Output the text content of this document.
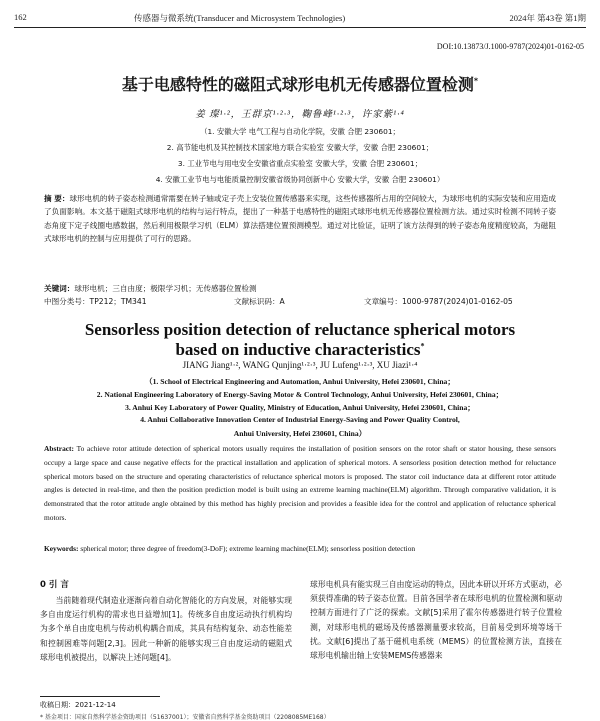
162	传感器与微系统(Transducer and Microsystem Technologies)	2024年 第43卷 第1期
DOI:10.13873/J.1000-9787(2024)01-0162-05
基于电感特性的磁阻式球形电机无传感器位置检测*
姜 璨¹·²，王群京¹·²·³，鞠鲁峰¹·²·³，许家紫¹·⁴
（1. 安徽大学 电气工程与自动化学院，安徽 合肥 230601；
2. 高节能电机及其控制技术国家地方联合实验室 安徽大学，安徽 合肥 230601；
3. 工业节电与用电安全安徽省重点实验室 安徽大学，安徽 合肥 230601；
4. 安徽工业节电与电能质量控制安徽省级协同创新中心 安徽大学，安徽 合肥 230601）
摘 要：球形电机的转子姿态检测通常需要在转子轴或定子壳上安装位置传感器来实现，这些传感器所占用的空间较大，为球形电机的实际安装和应用造成了负面影响。本文基于磁阻式球形电机的结构与运行特点，提出了一种基于电感特性的磁阻式球形电机无传感器位置检测方法。通过实时检测不同转子姿态角度下定子线圈电感数据，然后利用极限学习机（ELM）算法搭建位置预测模型。通过对比验证，证明了该方法得到的转子姿态角度精度较高，为磁阻式球形电机的控制与应用提供了可行的思路。
关键词：球形电机；三自由度；极限学习机；无传感器位置检测
中图分类号：TP212；TM341	文献标识码：A	文章编号：1000-9787(2024)01-0162-05
Sensorless position detection of reluctance spherical motors
based on inductive characteristics*
JIANG Jiang¹·², WANG Qunjing¹·²·³, JU Lufeng¹·²·³, XU Jiazi¹·⁴
（1. School of Electrical Engineering and Automation, Anhui University, Hefei 230601, China；
2. National Engineering Laboratory of Energy-Saving Motor & Control Technology, Anhui University, Hefei 230601, China；
3. Anhui Key Laboratory of Power Quality, Ministry of Education, Anhui University, Hefei 230601, China；
4. Anhui Collaborative Innovation Center of Industrial Energy-Saving and Power Quality Control,
Anhui University, Hefei 230601, China）
Abstract: To achieve rotor attitude detection of spherical motors usually requires the installation of position sensors on the rotor shaft or stator housing, these sensors occupy a large space and cause negative effects for the practical installation and application of spherical motors. A sensorless position detection method for reluctance spherical motors based on the structure and operating characteristics of reluctance spherical motors is proposed. The stator coil inductance data at different rotor attitude angles is detected in real-time, and then the position prediction model is built using an extreme learning machine(ELM) algorithm. Through comparative validation, it is demonstrated that the rotor attitude angle obtained by this method has highly precision and provides a feasible idea for the control and application of reluctance spherical motors.
Keywords: spherical motor; three degree of freedom(3-DoF); extreme learning machine(ELM); sensorless position detection
0 引 言
当前随着现代制造业逐渐向着自动化智能化的方向发展，对能够实现多自由度运行机构的需求也日益增加[1]。传统多自由度运动执行机构均为多个单自由度电机与传动机构耦合而成，其具有结构复杂、动态性能差和控制困难等问题[2,3]。因此一种新的能够实现三自由度运动的磁阻式球形电机被提出，以解决上述问题[4]。
球形电机具有能实现三自由度运动的特点，因此本研以开环方式驱动，必须获得准确的转子姿态位置。目前各国学者在球形电机的位置检测和驱动控制方面进行了广泛的探索。文献[5]采用了霍尔传感器进行转子位置检测，对球形电机的磁场及传感器测量要求较高，目前易受到环境等场干扰。文献[6]提出了基于磁机电系统（MEMS）的位置检测方法，直接在球形电机输出轴上安装MEMS传感器来
收稿日期：2021-12-14
* 基金项目：国家自然科学基金资助项目（51637001）；安徽省自然科学基金资助项目（2208085ME168）
